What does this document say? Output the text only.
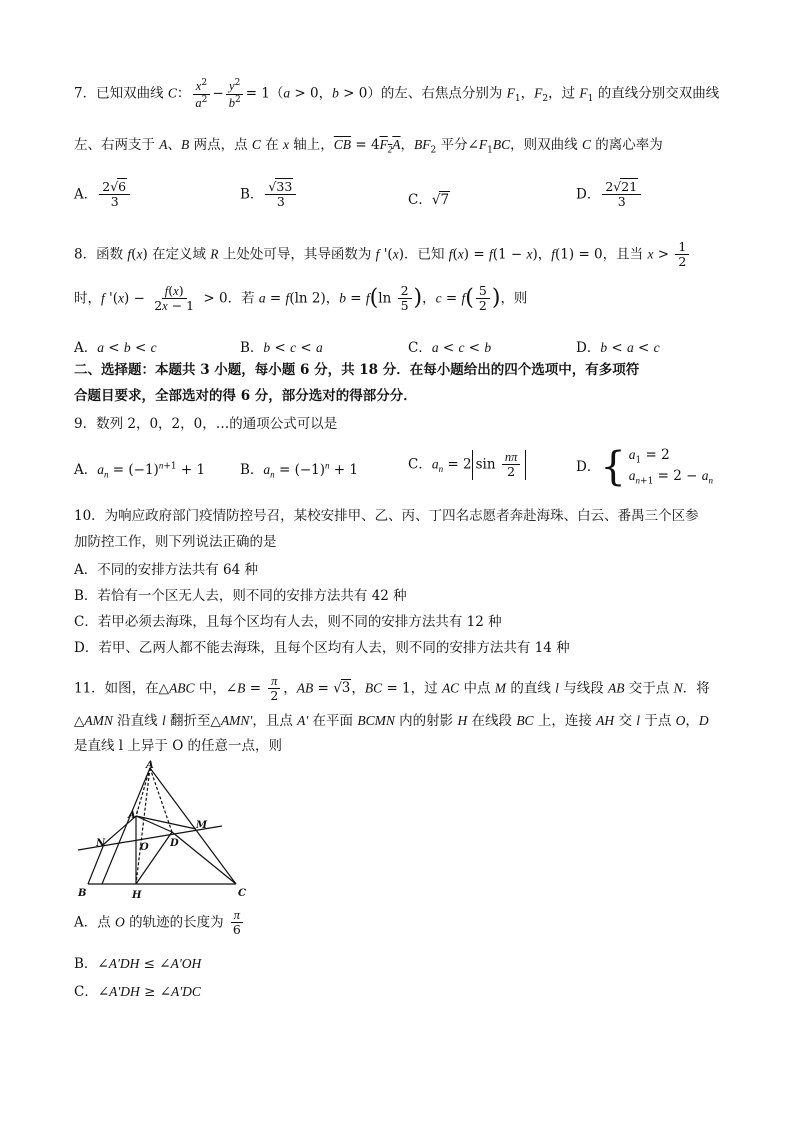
7．已知双曲线 C： $\frac{x^2}{a^2} - \frac{y^2}{b^2} = 1(a > 0$，b > 0）的左、右焦点分别为 $F_1$，$F_2$，过 $F_1$ 的直线分别交双曲线
左、右两支于 A、B 两点，点 C 在 x 轴上，$\overline{CB} = 4F_2A$，$BF_2$ 平分$\angle F_1BC$，则双曲线 C 的离心率为
A． $\frac{2√6}{3}$	B． $\frac{√33}{3}$	C．√7	D． $\frac{2√21}{3}$
8．函数 f(x) 在定义域 R 上处处可导，其导函数为 f '(x)．已知 f(x) = f(1 − x)，f(1) = 0，且当 $x > \frac{1}{2}$
时，f '$(x) - \frac{f(x)}{2x - 1} > 0$．若 a = f(ln 2)，$b = f(\ln \frac{2}{5}$ )，$c = f( \frac{5}{2}$ )，则
A．a < b < c	B．b < c < a	C．a < c < b	D．b < a < c
二、选择题：本题共 3 小题，每小题 6 分，共 18 分．在每小题给出的四个选项中，有多项符
合题目要求，全部选对的得 6 分，部分选对的得部分分．
9．数列 2，0，2，0，…的通项公式可以是
A．$a_n = (-1)^{n+1} + 1$	B．$a_n = (-1)^n + 1$	C．$a_n = 2$ $\sin \frac{n\pi}{2}$	D． { $a_1 = 2$
$a_{n+1} = 2 - a_n$
10．为响应政府部门疫情防控号召，某校安排甲、乙、丙、丁四名志愿者奔赴海珠、白云、番禺三个区参
加防控工作，则下列说法正确的是
A．不同的安排方法共有 64 种
B．若恰有一个区无人去，则不同的安排方法共有 42 种
C．若甲必须去海珠，且每个区均有人去，则不同的安排方法共有 12 种
D．若甲、乙两人都不能去海珠，且每个区均有人去，则不同的安排方法共有 14 种
11．如图，在△ABC 中，∠B = $\frac{\pi}{2}$ ，AB = √3，BC = 1，过 AC 中点 M 的直线 l 与线段 AB 交于点 N．将
△AMN 沿直线 l 翻折至△AMN'，且点 A' 在平面 BCMN 内的射影 H 在线段 BC 上，连接 AH 交 l 于点 O，D
是直线 l 上异于 O 的任意一点，则
A
A'
N
M
O D
B	H	C
A．点 O 的轨迹的长度为 $\frac{\pi}{6}$
B．∠A'DH ≤ ∠A'OH
C．∠A'DH ≥ ∠A'DC
